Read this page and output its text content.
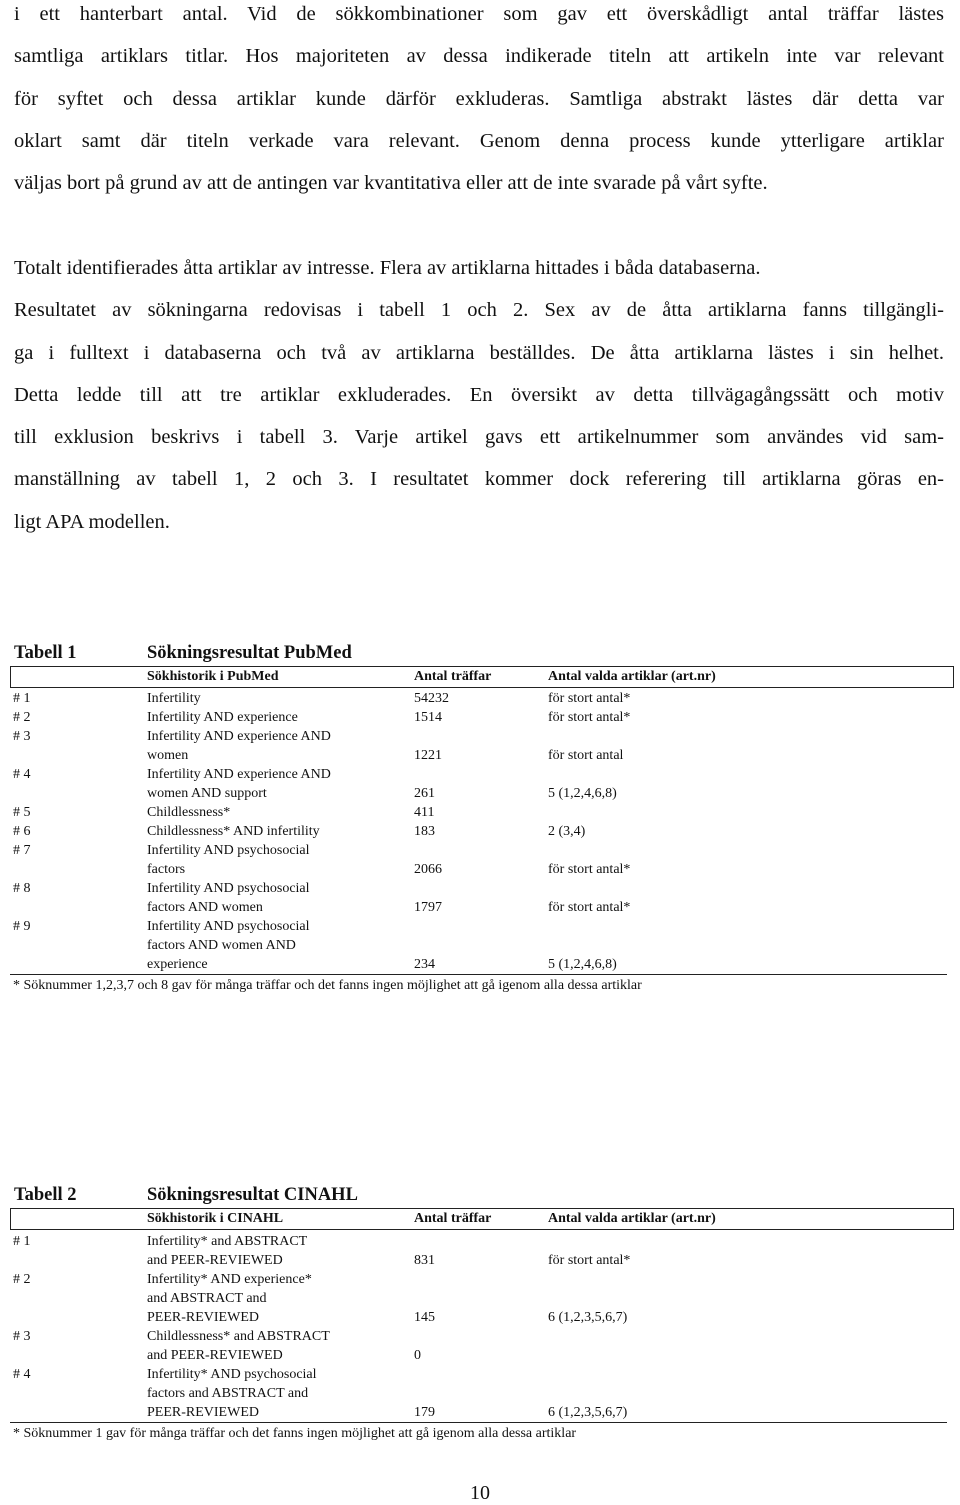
i ett hanterbart antal. Vid de sökkombinationer som gav ett överskådligt antal träffar lästes
samtliga artiklars titlar. Hos majoriteten av dessa indikerade titeln att artikeln inte var relevant
för syftet och dessa artiklar kunde därför exkluderas. Samtliga abstrakt lästes där detta var
oklart samt där titeln verkade vara relevant. Genom denna process kunde ytterligare artiklar
väljas bort på grund av att de antingen var kvantitativa eller att de inte svarade på vårt syfte.
Totalt identifierades åtta artiklar av intresse. Flera av artiklarna hittades i båda databaserna.
Resultatet av sökningarna redovisas i tabell 1 och 2. Sex av de åtta artiklarna fanns tillgängli-
ga i fulltext i databaserna och två av artiklarna beställdes. De åtta artiklarna lästes i sin helhet.
Detta ledde till att tre artiklar exkluderades. En översikt av detta tillvägagångssätt och motiv
till exklusion beskrivs i tabell 3. Varje artikel gavs ett artikelnummer som användes vid sam-
manställning av tabell 1, 2 och 3. I resultatet kommer dock referering till artiklarna göras en-
ligt APA modellen.
Tabell 1	Sökningsresultat PubMed
Sökhistorik i PubMed	Antal träffar	Antal valda artiklar (art.nr)
# 1	Infertility	54232	för stort antal*
# 2	Infertility AND experience	1514	för stort antal*
# 3	Infertility AND experience AND
women	1221	för stort antal
# 4	Infertility AND experience AND
women AND support	261	5 (1,2,4,6,8)
# 5	Childlessness*	411
# 6	Childlessness* AND infertility	183	2 (3,4)
# 7	Infertility AND psychosocial
factors	2066	för stort antal*
# 8	Infertility AND psychosocial
factors AND women	1797	för stort antal*
# 9	Infertility AND psychosocial
factors AND women AND
experience	234	5 (1,2,4,6,8)
* Söknummer 1,2,3,7 och 8 gav för många träffar och det fanns ingen möjlighet att gå igenom alla dessa artiklar
Tabell 2	Sökningsresultat CINAHL
Sökhistorik i CINAHL	Antal träffar	Antal valda artiklar (art.nr)
# 1	Infertility* and ABSTRACT
and PEER-REVIEWED	831	för stort antal*
# 2	Infertility* AND experience*
and ABSTRACT and
PEER-REVIEWED	145	6 (1,2,3,5,6,7)
# 3	Childlessness* and ABSTRACT
and PEER-REVIEWED	0
# 4	Infertility* AND psychosocial
factors and ABSTRACT and
PEER-REVIEWED	179	6 (1,2,3,5,6,7)
* Söknummer 1 gav för många träffar och det fanns ingen möjlighet att gå igenom alla dessa artiklar
10
